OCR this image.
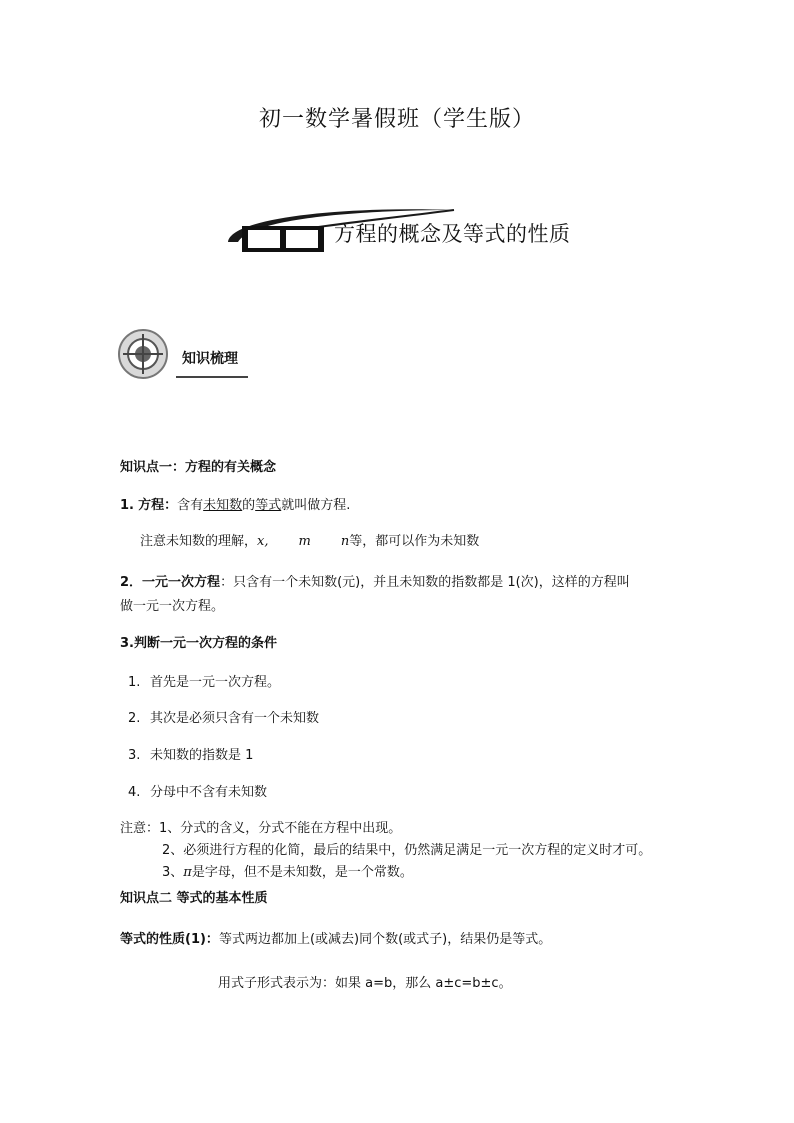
初一数学暑假班（学生版）
方程的概念及等式的性质
知识梳理
知识点一：方程的有关概念
1. 方程：含有未知数的等式就叫做方程.
注意未知数的理解，x, m n等，都可以作为未知数
2．一元一次方程：只含有一个未知数(元)，并且未知数的指数都是 1(次)，这样的方程叫
做一元一次方程。
3.判断一元一次方程的条件
1. 首先是一元一次方程。
2. 其次是必须只含有一个未知数
3. 未知数的指数是 1
4. 分母中不含有未知数
注意：1、分式的含义，分式不能在方程中出现。
2、必须进行方程的化简，最后的结果中，仍然满足满足一元一次方程的定义时才可。
3、π是字母，但不是未知数，是一个常数。
知识点二 等式的基本性质
等式的性质(1)：等式两边都加上(或减去)同个数(或式子)，结果仍是等式。
用式子形式表示为：如果 a=b，那么 a±c=b±c。
